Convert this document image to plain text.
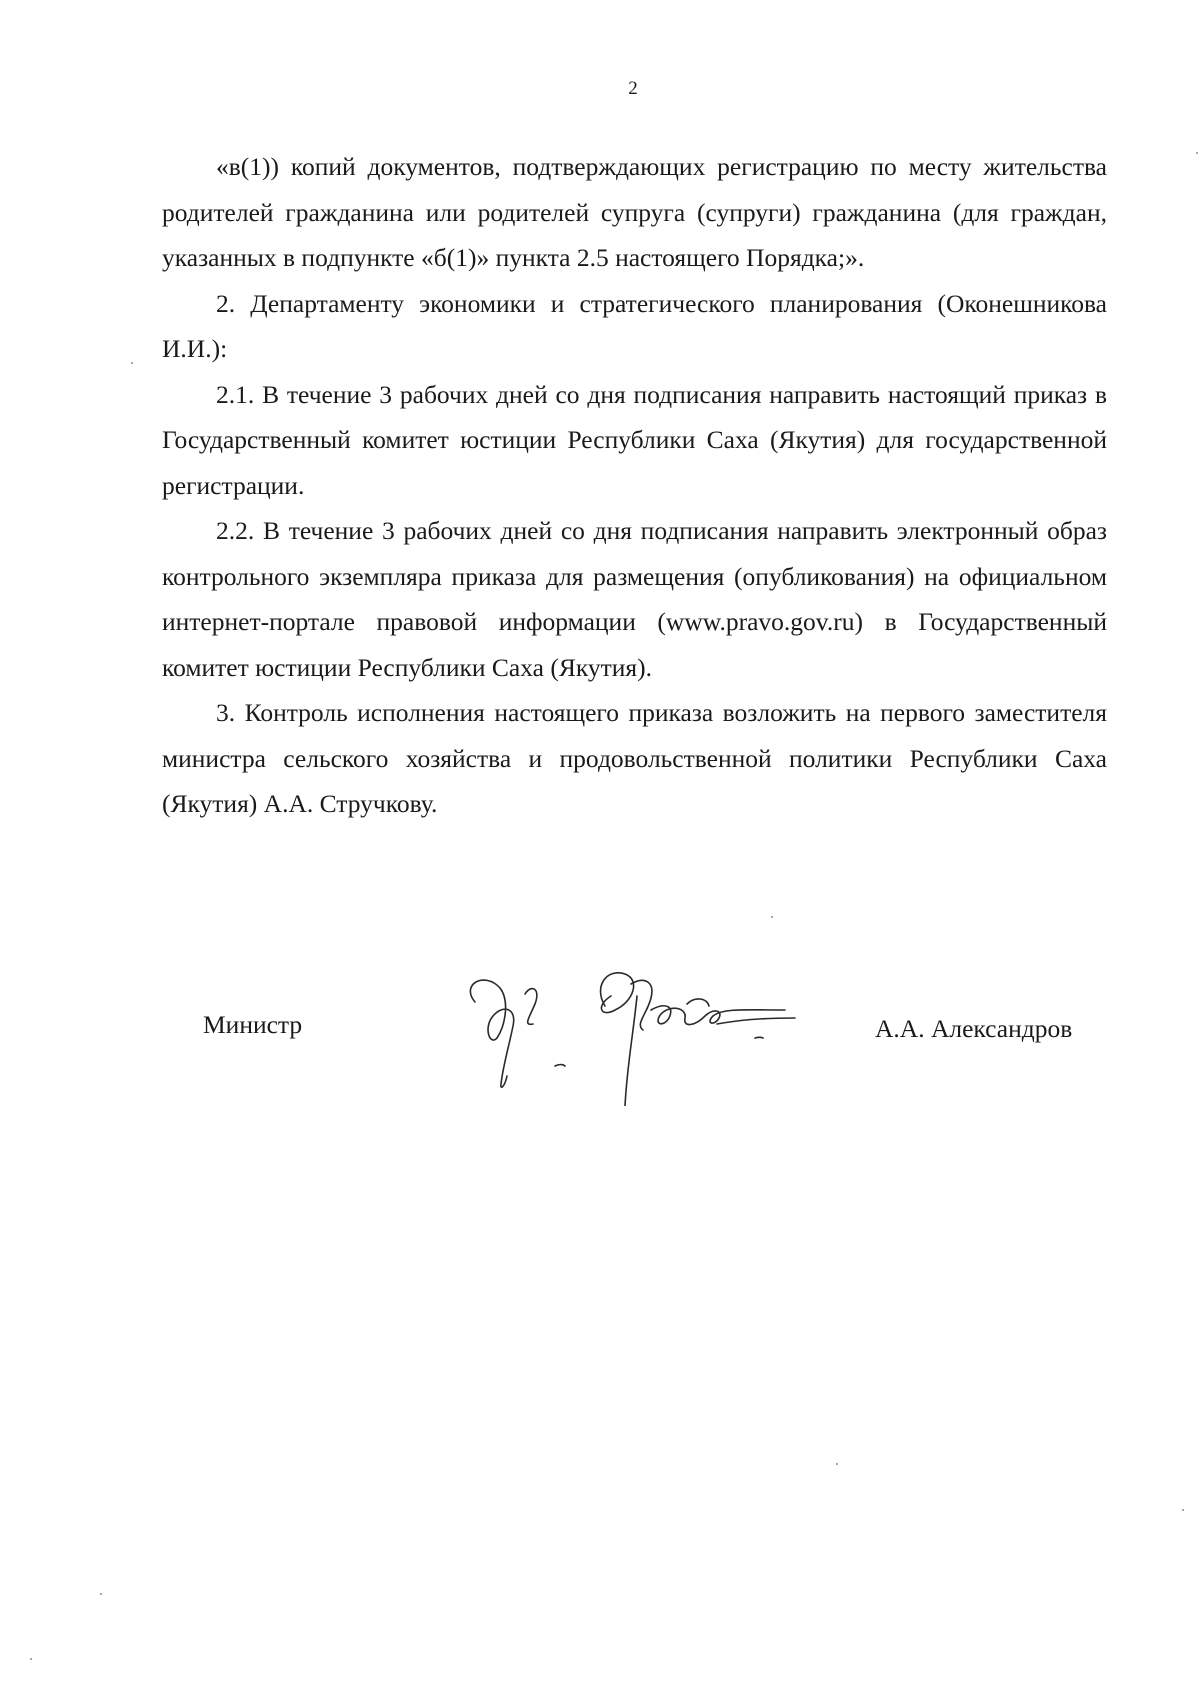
2

«в(1)) копий документов, подтверждающих регистрацию по месту жительства родителей гражданина или родителей супруга (супруги) гражданина (для граждан, указанных в подпункте «б(1)» пункта 2.5 настоящего Порядка;».

2. Департаменту экономики и стратегического планирования (Оконешникова И.И.):

2.1. В течение 3 рабочих дней со дня подписания направить настоящий приказ в Государственный комитет юстиции Республики Саха (Якутия) для государственной регистрации.

2.2. В течение 3 рабочих дней со дня подписания направить электронный образ контрольного экземпляра приказа для размещения (опубликования) на официальном интернет-портале правовой информации (www.pravo.gov.ru) в Государственный комитет юстиции Республики Саха (Якутия).

3. Контроль исполнения настоящего приказа возложить на первого заместителя министра сельского хозяйства и продовольственной политики Республики Саха (Якутия) А.А. Стручкову.

Министр	А.А. Александров
